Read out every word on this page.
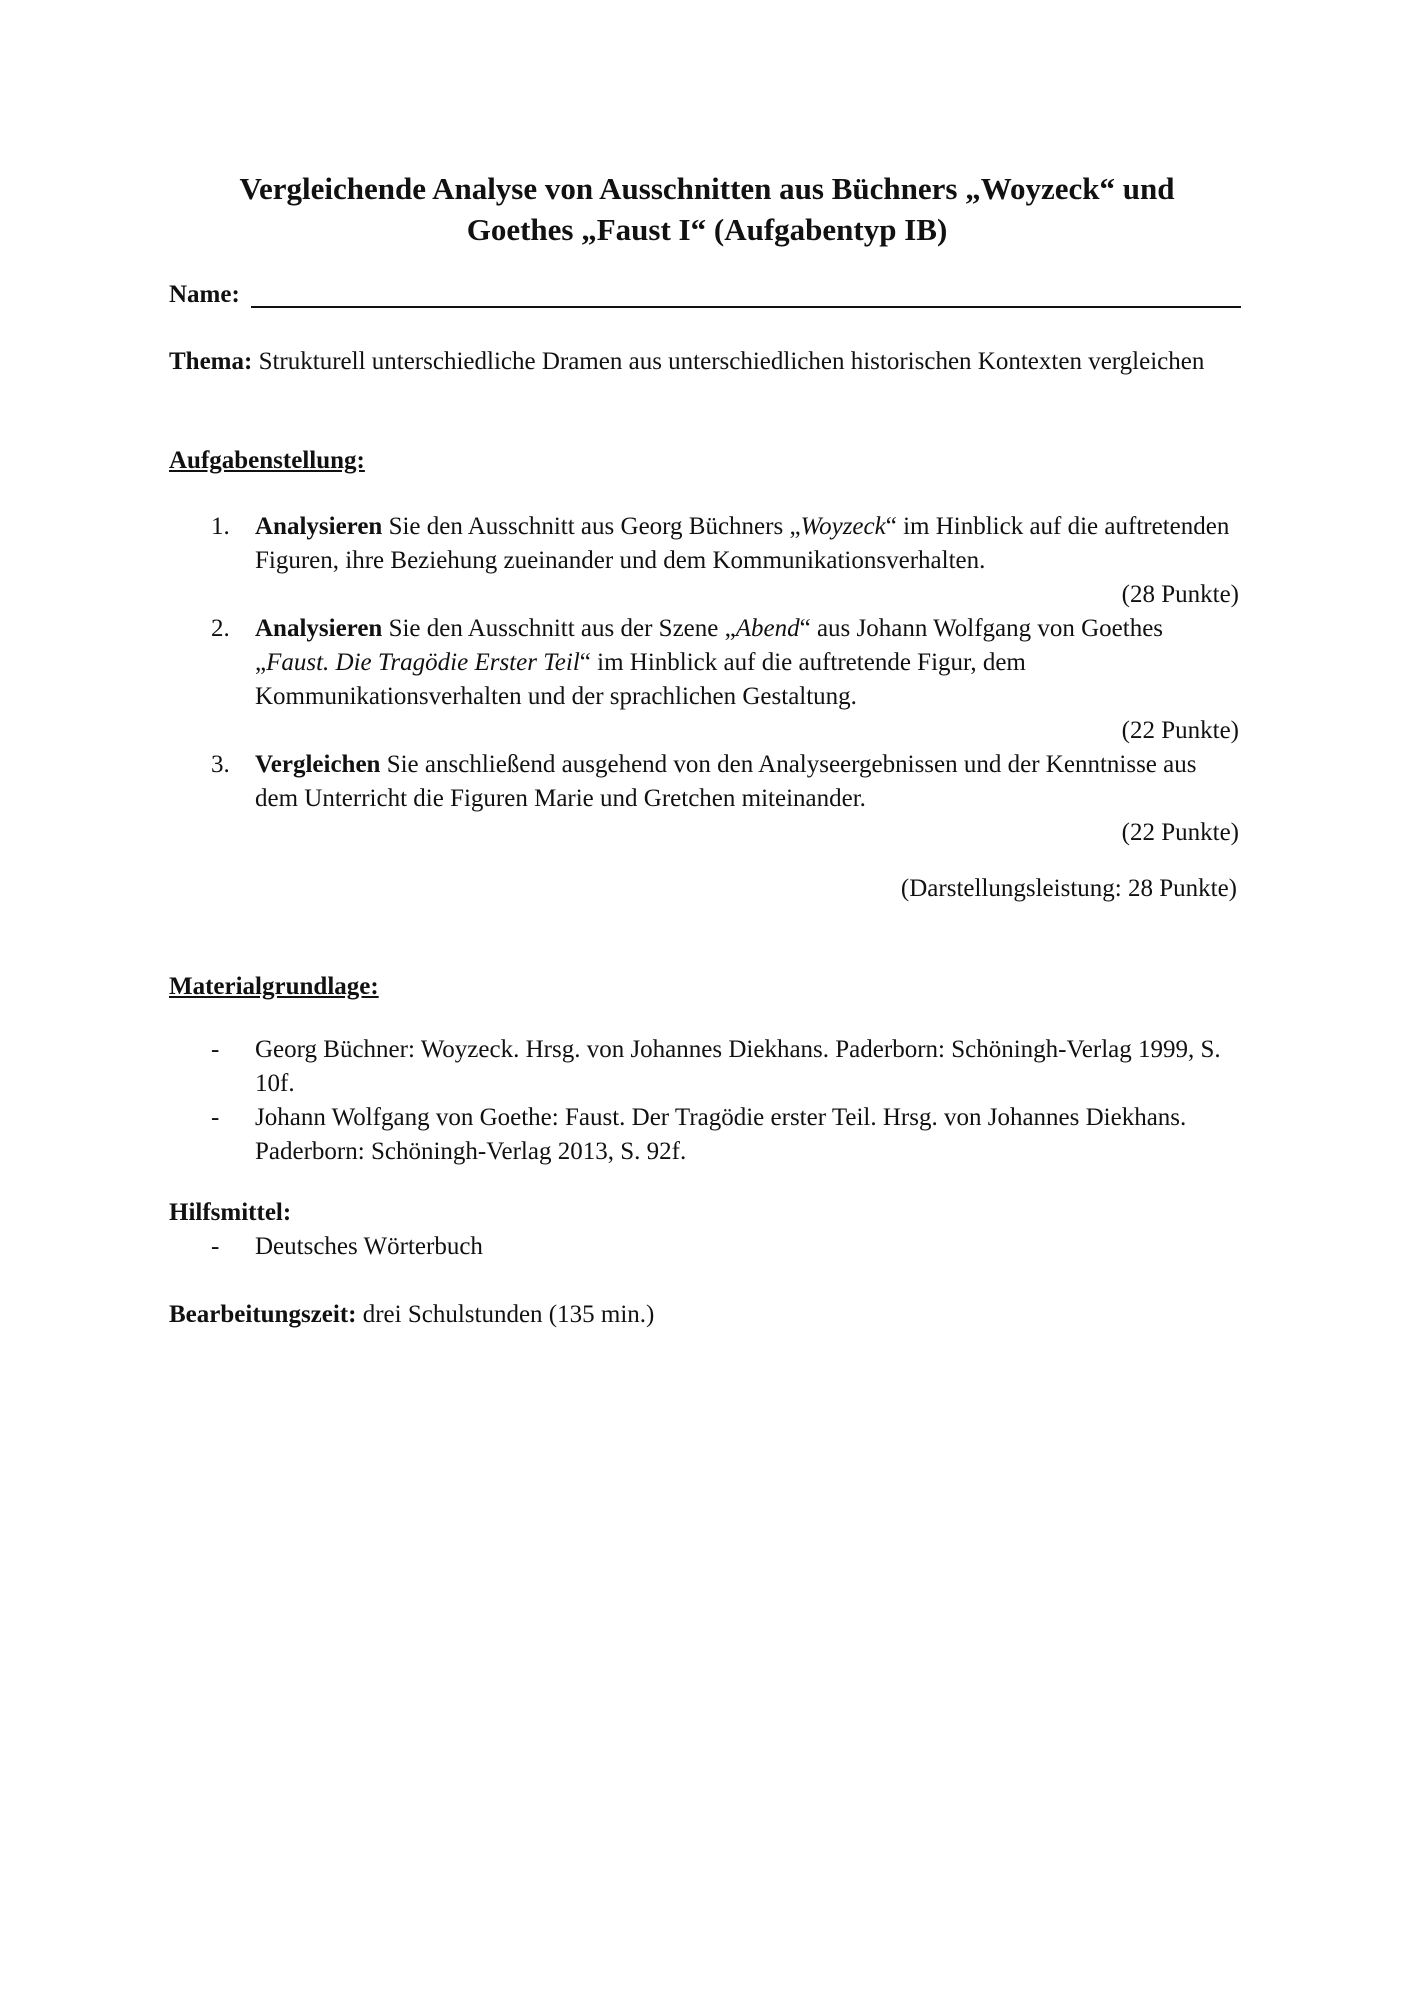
Vergleichende Analyse von Ausschnitten aus Büchners „Woyzeck“ und
Goethes „Faust I“ (Aufgabentyp IB)
Name:
Thema: Strukturell unterschiedliche Dramen aus unterschiedlichen historischen Kontexten vergleichen
Aufgabenstellung:
1.	Analysieren Sie den Ausschnitt aus Georg Büchners „Woyzeck“ im Hinblick auf die auftretenden Figuren, ihre Beziehung zueinander und dem Kommunikationsverhalten.
(28 Punkte)
2.	Analysieren Sie den Ausschnitt aus der Szene „Abend“ aus Johann Wolfgang von Goethes „Faust. Die Tragödie Erster Teil“ im Hinblick auf die auftretende Figur, dem Kommunikationsverhalten und der sprachlichen Gestaltung.
(22 Punkte)
3.	Vergleichen Sie anschließend ausgehend von den Analyseergebnissen und der Kenntnisse aus dem Unterricht die Figuren Marie und Gretchen miteinander.
(22 Punkte)
(Darstellungsleistung: 28 Punkte)
Materialgrundlage:
- Georg Büchner: Woyzeck. Hrsg. von Johannes Diekhans. Paderborn: Schöningh-Verlag 1999, S. 10f.
- Johann Wolfgang von Goethe: Faust. Der Tragödie erster Teil. Hrsg. von Johannes Diekhans. Paderborn: Schöningh-Verlag 2013, S. 92f.
Hilfsmittel:
- Deutsches Wörterbuch
Bearbeitungszeit: drei Schulstunden (135 min.)
